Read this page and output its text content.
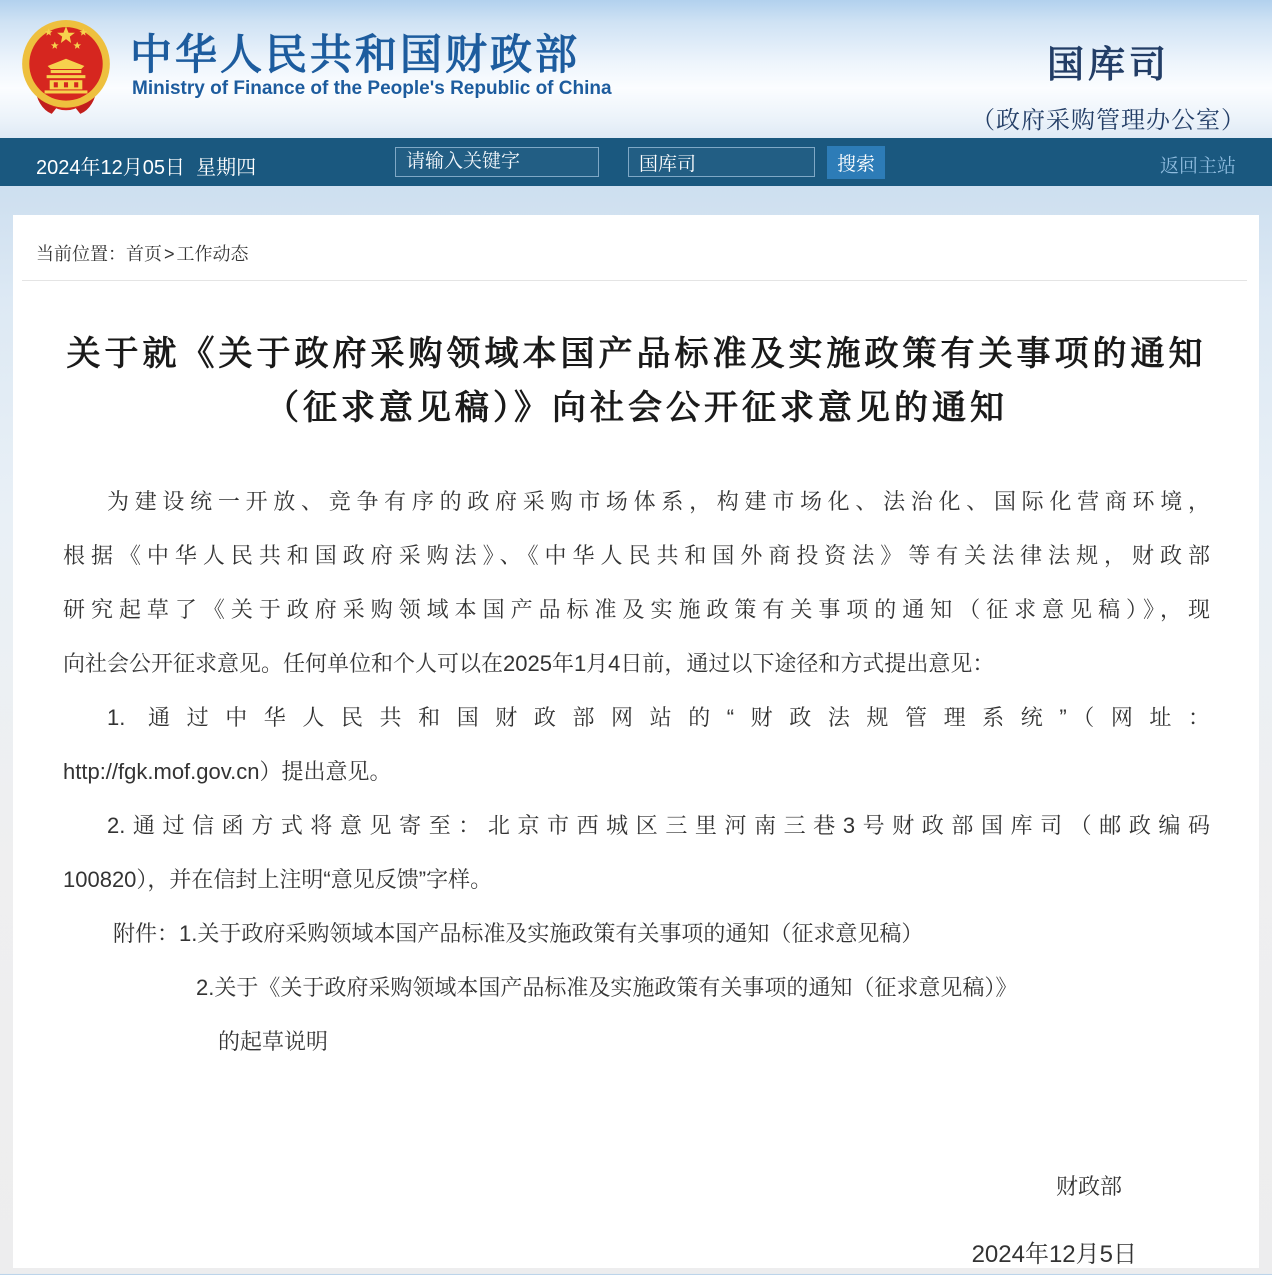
中华人民共和国财政部
Ministry of Finance of the People's Republic of China
国库司
（政府采购管理办公室）
2024年12月05日  星期四
请输入关键字
国库司	搜索	返回主站
当前位置：首页 > 工作动态
关于就《关于政府采购领域本国产品标准及实施政策有关事项的通知
（征求意见稿）》向社会公开征求意见的通知

为建设统一开放、竞争有序的政府采购市场体系，构建市场化、法治化、国际化营商环境，

根据《中华人民共和国政府采购法》、《中华人民共和国外商投资法》等有关法律法规，财政部

研究起草了《关于政府采购领域本国产品标准及实施政策有关事项的通知（征求意见稿）》，现

向社会公开征求意见。任何单位和个人可以在2025年1月4日前，通过以下途径和方式提出意见：

1. 通过中华人民共和国财政部网站的“财政法规管理系统”（网址：

http://fgk.mof.gov.cn）提出意见。

2.通过信函方式将意见寄至：北京市西城区三里河南三巷3号财政部国库司（邮政编码

100820），并在信封上注明“意见反馈”字样。

附件：1.关于政府采购领域本国产品标准及实施政策有关事项的通知（征求意见稿）

2.关于《关于政府采购领域本国产品标准及实施政策有关事项的通知（征求意见稿）》

的起草说明

财政部
2024年12月5日
